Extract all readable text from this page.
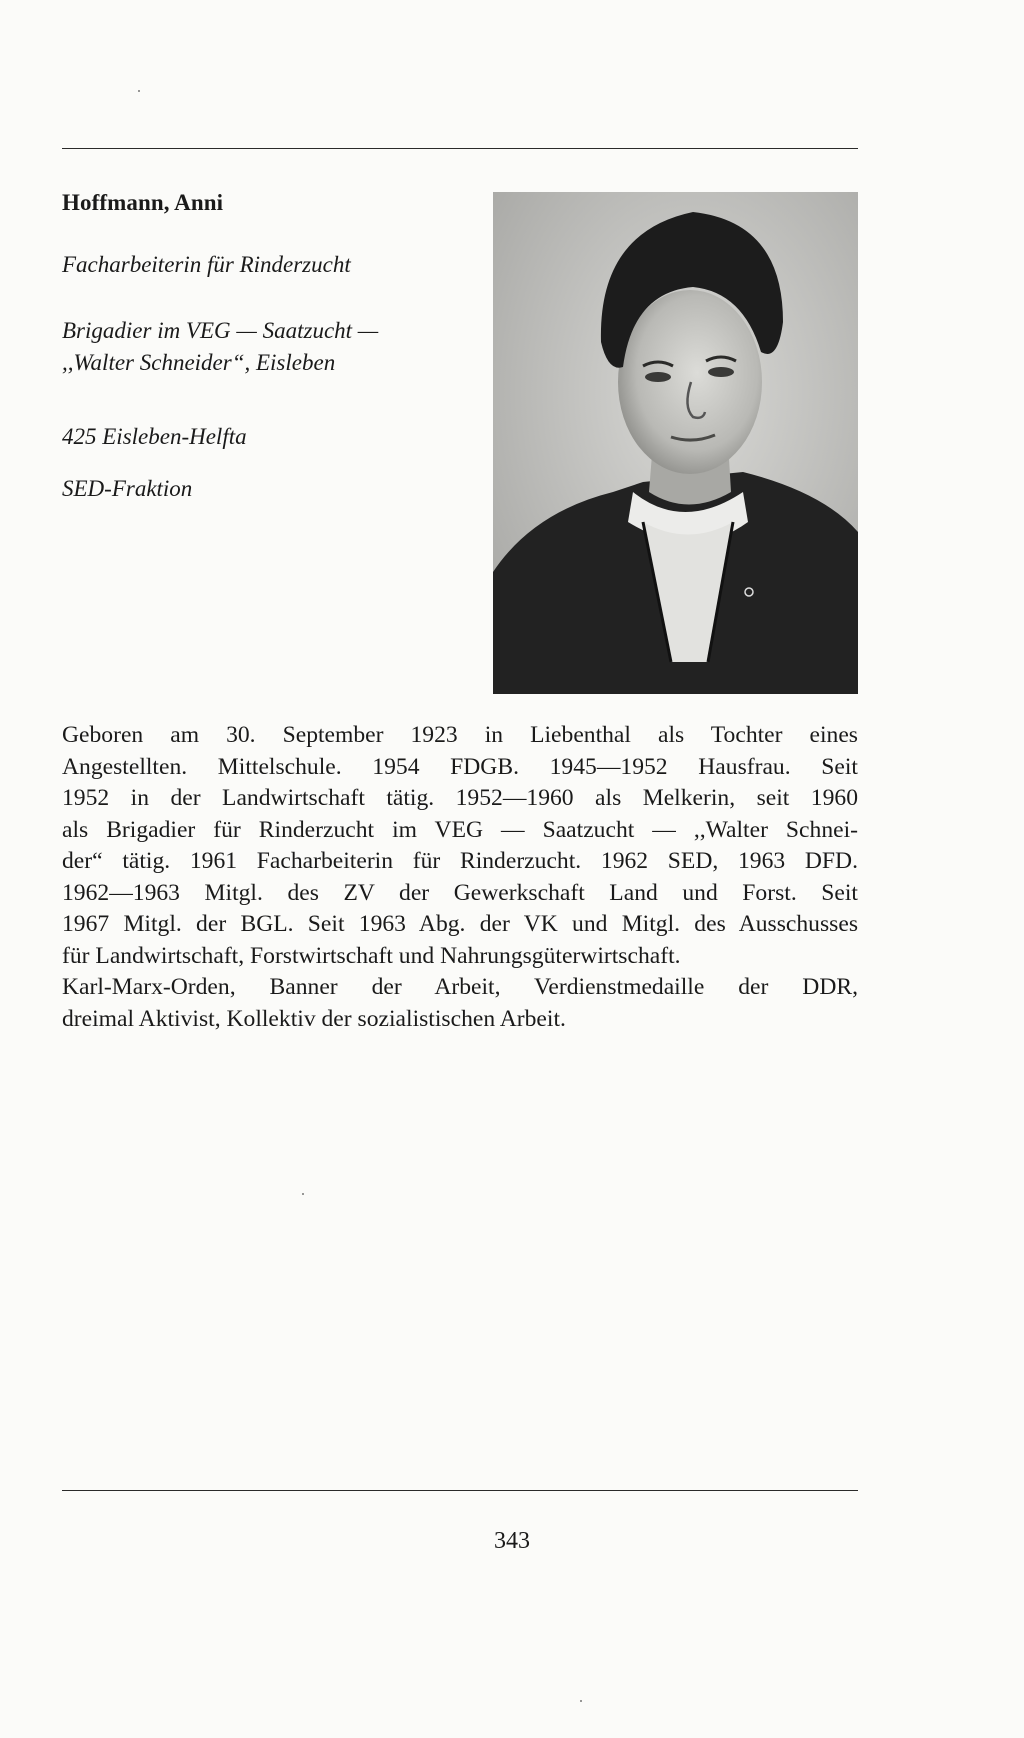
Hoffmann, Anni
Facharbeiterin für Rinderzucht
Brigadier im VEG — Saatzucht —
,,Walter Schneider“, Eisleben
425 Eisleben-Helfta
SED-Fraktion
Geboren am 30. September 1923 in Liebenthal als Tochter eines
Angestellten. Mittelschule. 1954 FDGB. 1945—1952 Hausfrau. Seit
1952 in der Landwirtschaft tätig. 1952—1960 als Melkerin, seit 1960
als Brigadier für Rinderzucht im VEG — Saatzucht — ,,Walter Schnei-
der“ tätig. 1961 Facharbeiterin für Rinderzucht. 1962 SED, 1963 DFD.
1962—1963 Mitgl. des ZV der Gewerkschaft Land und Forst. Seit
1967 Mitgl. der BGL. Seit 1963 Abg. der VK und Mitgl. des Ausschusses
für Landwirtschaft, Forstwirtschaft und Nahrungsgüterwirtschaft.
Karl-Marx-Orden, Banner der Arbeit, Verdienstmedaille der DDR,
dreimal Aktivist, Kollektiv der sozialistischen Arbeit.
343
